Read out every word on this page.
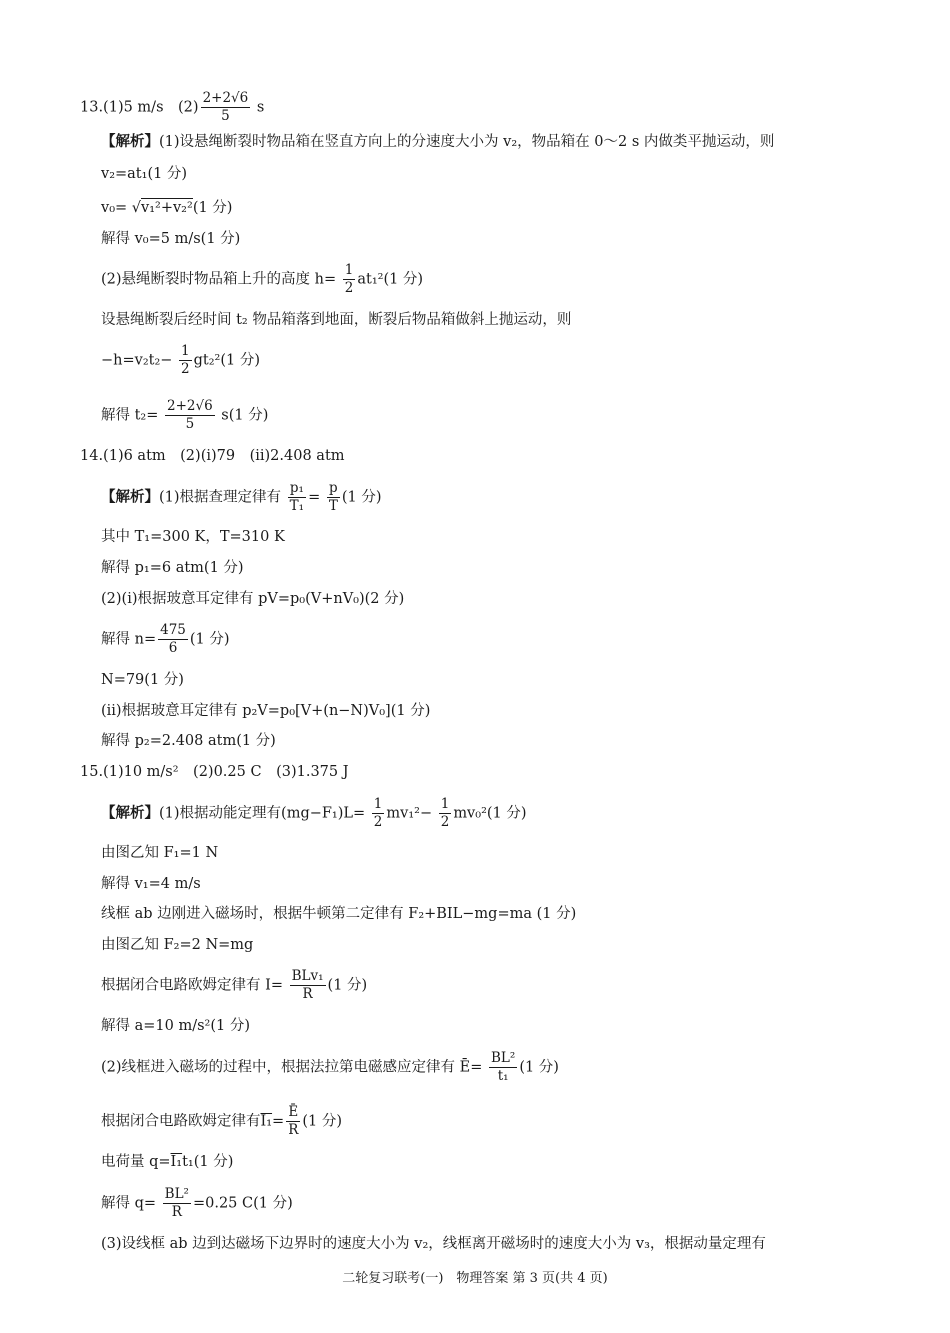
13.(1)5 m/s　$(2) \frac{2+2√6}{5}$ s
【解析】(1)设悬绳断裂时物品箱在竖直方向上的分速度大小为 v₂，物品箱在 0～2 s 内做类平抛运动，则
v₂=at₁(1 分)
v₀= √v₁²+v₂²(1 分)
解得 v₀=5 m/s(1 分)
(2)悬绳断裂时物品箱上升的高度 $h= \frac{1}{2} at_1^2(1$ 分)
设悬绳断裂后经时间 t₂ 物品箱落到地面，断裂后物品箱做斜上抛运动，则
$-h=v_2t_2- \frac{1}{2} gt_2^2(1$ 分)
解得 $t_2= \frac{2+2√6}{5} s(1$ 分)
14.(1)6 atm　(2)(ⅰ)79　(ⅱ)2.408 atm
【解析】(1)根据查理定律有 $\frac{\text{p₁}}{\text{T₁}} = \frac{p}{T} (1$ 分)
其中 T₁=300 K，T=310 K
解得 p₁=6 atm(1 分)
(2)(ⅰ)根据玻意耳定律有 pV=p₀(V+nV₀)(2 分)
解得 $n= \frac{475}{6} (1$ 分)
N=79(1 分)
(ⅱ)根据玻意耳定律有 p₂V=p₀[V+(n−N)V₀](1 分)
解得 p₂=2.408 atm(1 分)
15.(1)10 m/s²　(2)0.25 C　(3)1.375 J
【解析】(1)根据动能定理有$(mg-F_1)L= \frac{1}{2} mv_1^2- \frac{1}{2} mv_0^2(1$ 分)
由图乙知 F₁=1 N
解得 v₁=4 m/s
线框 ab 边刚进入磁场时，根据牛顿第二定律有 F₂+BIL−mg=ma (1 分)
由图乙知 F₂=2 N=mg
根据闭合电路欧姆定律有 $I= \frac{\text{BLv₁}}{R} (1$ 分)
解得 a=10 m/s²(1 分)
(2)线框进入磁场的过程中，根据法拉第电磁感应定律有 Ē= $\frac{\text{BL²}}{\text{t₁}} (1$ 分)
根据闭合电路欧姆定律有$I_1= \frac{Ē}{R} (1$ 分)
电荷量 q=I₁t₁(1 分)
解得 $q= \frac{\text{BL²}}{R} =0.25$ C(1 分)
(3)设线框 ab 边到达磁场下边界时的速度大小为 v₂，线框离开磁场时的速度大小为 v₃，根据动量定理有
二轮复习联考(一)　物理答案 第 3 页(共 4 页)
